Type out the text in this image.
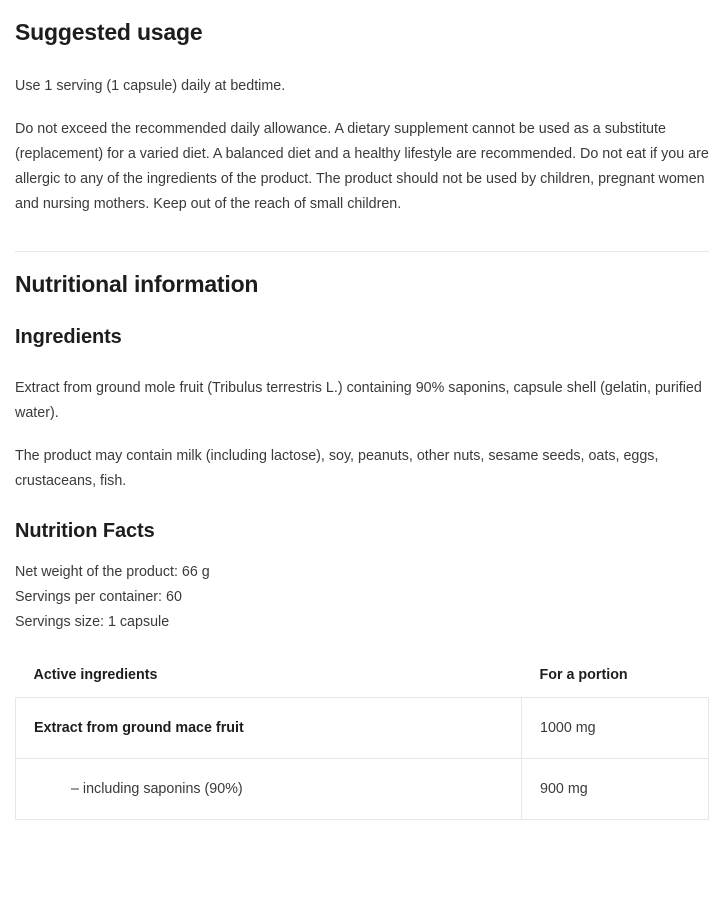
Suggested usage

Use 1 serving (1 capsule) daily at bedtime.

Do not exceed the recommended daily allowance. A dietary supplement cannot be used as a substitute (replacement) for a varied diet. A balanced diet and a healthy lifestyle are recommended. Do not eat if you are allergic to any of the ingredients of the product. The product should not be used by children, pregnant women and nursing mothers. Keep out of the reach of small children.

Nutritional information
Ingredients

Extract from ground mole fruit (Tribulus terrestris L.) containing 90% saponins, capsule shell (gelatin, purified water).

The product may contain milk (including lactose), soy, peanuts, other nuts, sesame seeds, oats, eggs, crustaceans, fish.

Nutrition Facts
Net weight of the product: 66 g
Servings per container: 60
Servings size: 1 capsule
Active ingredients	For a portion
Extract from ground mace fruit	1000 mg
– including saponins (90%)	900 mg
